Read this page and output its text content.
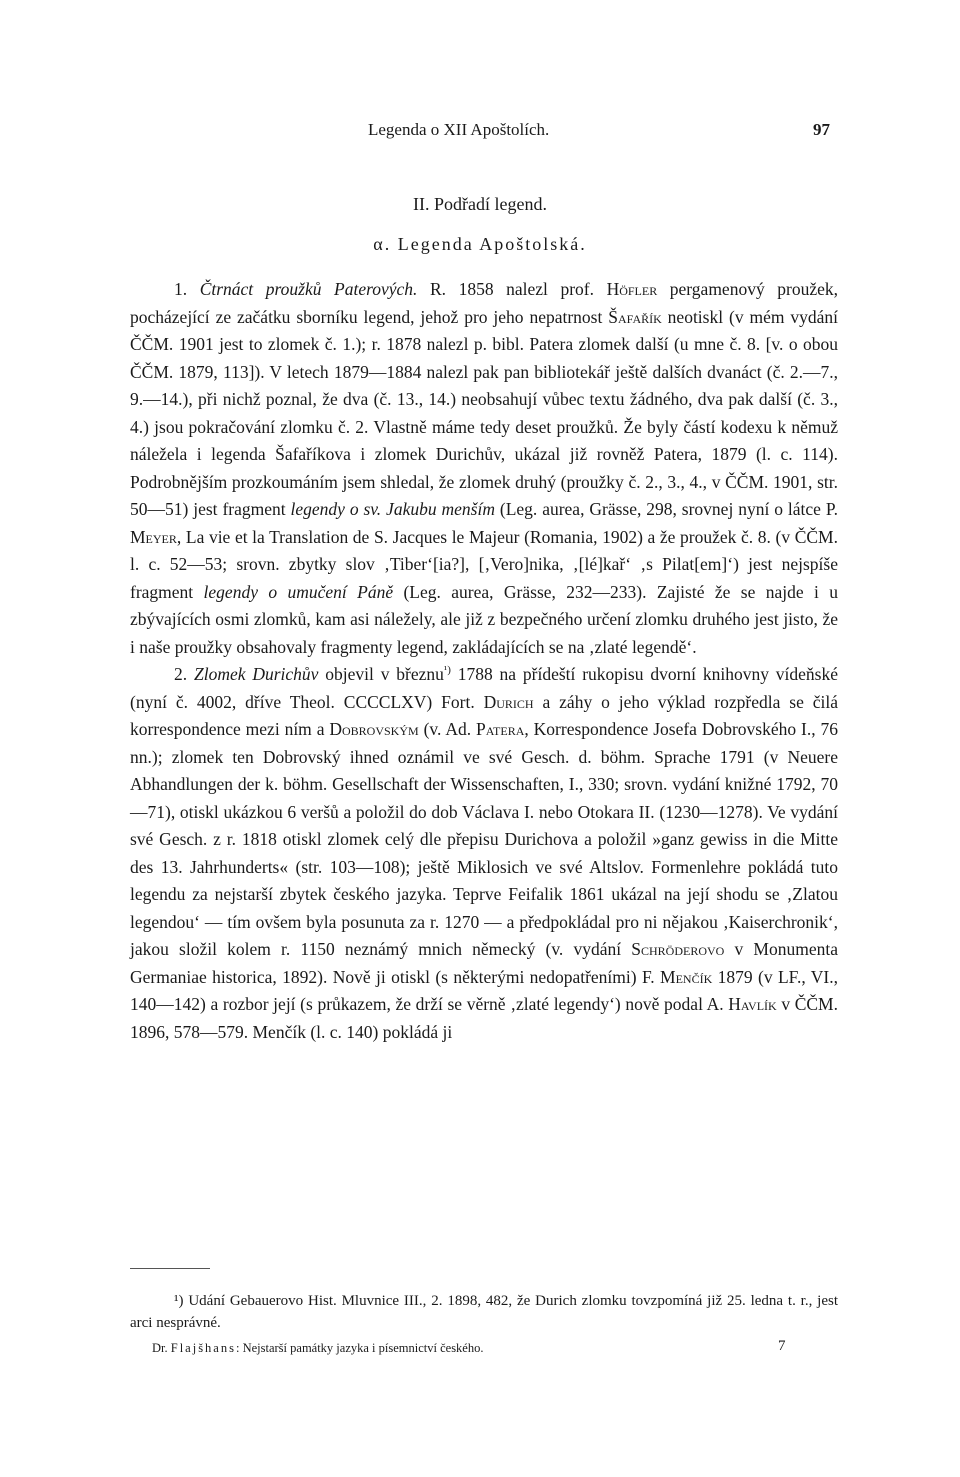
Legenda o XII Apoštolích.	97
II. Podřadí legend.
α. Legenda Apoštolská.

1. Čtrnáct proužků Paterových. R. 1858 nalezl prof. Höfler pergamenový proužek, pocházející ze začátku sborníku legend, jehož pro jeho nepatrnost Šafařík neotiskl (v mém vydání ČČM. 1901 jest to zlomek č. 1.); r. 1878 nalezl p. bibl. Patera zlomek další (u mne č. 8. [v. o obou ČČM. 1879, 113]). V letech 1879—1884 nalezl pak pan bibliotekář ještě dalších dvanáct (č. 2.—7., 9.—14.), při nichž poznal, že dva (č. 13., 14.) neobsahují vůbec textu žádného, dva pak další (č. 3., 4.) jsou pokračování zlomku č. 2. Vlastně máme tedy deset proužků. Že byly částí kodexu k němuž náležela i legenda Šafaříkova i zlomek Durichův, ukázal již rovněž Patera, 1879 (l. c. 114). Podrobnějším prozkoumáním jsem shledal, že zlomek druhý (proužky č. 2., 3., 4., v ČČM. 1901, str. 50—51) jest fragment legendy o sv. Jakubu menším (Leg. aurea, Grässe, 298, srovnej nyní o látce P. Meyer, La vie et la Translation de S. Jacques le Majeur (Romania, 1902) a že proužek č. 8. (v ČČM. l. c. 52—53; srovn. zbytky slov ‚Tiber‘[ia?], [‚Vero]nika, ‚[lé]kař‘ ‚s Pilat[em]‘) jest nejspíše fragment legendy o umučení Páně (Leg. aurea, Grässe, 232—233). Zajisté že se najde i u zbývajících osmi zlomků, kam asi náležely, ale již z bezpečného určení zlomku druhého jest jisto, že i naše proužky obsahovaly fragmenty legend, zakládajících se na ‚zlaté legendě‘.

2. Zlomek Durichův objevil v březnu$^{^1)}$ 1788 na přídeští rukopisu dvorní knihovny vídeňské (nyní č. 4002, dříve Theol. CCCCLXV) Fort. Durich a záhy o jeho výklad rozpředla se čilá korrespondence mezi ním a Dobrovským (v. Ad. Patera, Korrespondence Josefa Dobrovského I., 76 nn.); zlomek ten Dobrovský ihned oznámil ve své Gesch. d. böhm. Sprache 1791 (v Neuere Abhandlungen der k. böhm. Gesellschaft der Wissenschaften, I., 330; srovn. vydání knižné 1792, 70—71), otiskl ukázkou 6 veršů a položil do dob Václava I. nebo Otokara II. (1230—1278). Ve vydání své Gesch. z r. 1818 otiskl zlomek celý dle přepisu Durichova a položil »ganz gewiss in die Mitte des 13. Jahrhunderts« (str. 103—108); ještě Miklosich ve své Altslov. Formenlehre pokládá tuto legendu za nejstarší zbytek českého jazyka. Teprve Feifalik 1861 ukázal na její shodu se ‚Zlatou legendou‘ — tím ovšem byla posunuta za r. 1270 — a předpokládal pro ni nějakou ‚Kaiserchronik‘, jakou složil kolem r. 1150 neznámý mnich německý (v. vydání Schröderovo v Monumenta Germaniae historica, 1892). Nově ji otiskl (s některými nedopatřeními) F. Menčík 1879 (v LF., VI., 140—142) a rozbor její (s průkazem, že drží se věrně ‚zlaté legendy‘) nově podal A. Havlík v ČČM. 1896, 578—579. Menčík (l. c. 140) pokládá ji

¹) Udání Gebauerovo Hist. Mluvnice III., 2. 1898, 482, že Durich zlomku tovzpomíná již 25. ledna t. r., jest arci nesprávné.

Dr. Flajšhans: Nejstarší památky jazyka i písemnictví českého.	7
